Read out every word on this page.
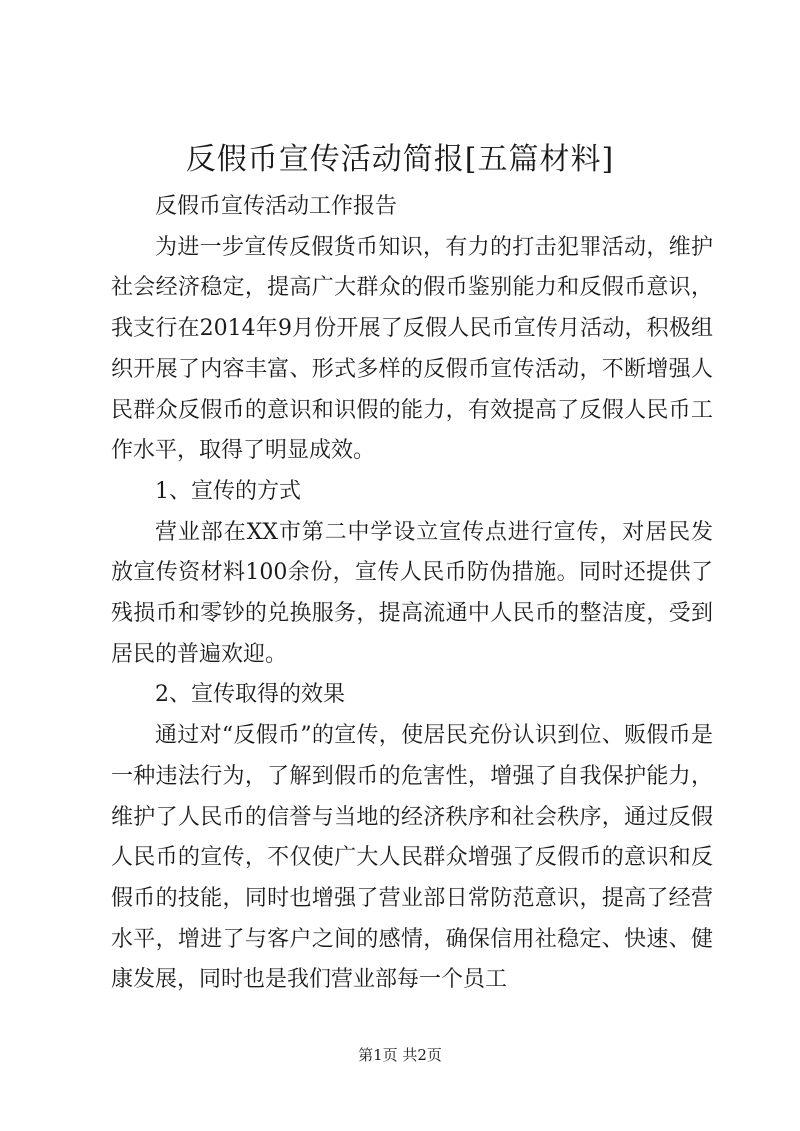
反假币宣传活动简报[五篇材料]

反假币宣传活动工作报告

为进一步宣传反假货币知识，有力的打击犯罪活动，维护社会经济稳定，提高广大群众的假币鉴别能力和反假币意识，我支行在2014年9月份开展了反假人民币宣传月活动，积极组织开展了内容丰富、形式多样的反假币宣传活动，不断增强人民群众反假币的意识和识假的能力，有效提高了反假人民币工作水平，取得了明显成效。

1、宣传的方式

营业部在XX市第二中学设立宣传点进行宣传，对居民发放宣传资材料100余份，宣传人民币防伪措施。同时还提供了残损币和零钞的兑换服务，提高流通中人民币的整洁度，受到居民的普遍欢迎。

2、宣传取得的效果

通过对“反假币”的宣传，使居民充份认识到位、贩假币是一种违法行为，了解到假币的危害性，增强了自我保护能力，维护了人民币的信誉与当地的经济秩序和社会秩序，通过反假人民币的宣传，不仅使广大人民群众增强了反假币的意识和反假币的技能，同时也增强了营业部日常防范意识，提高了经营水平，增进了与客户之间的感情，确保信用社稳定、快速、健康发展，同时也是我们营业部每一个员工

第1页 共2页
